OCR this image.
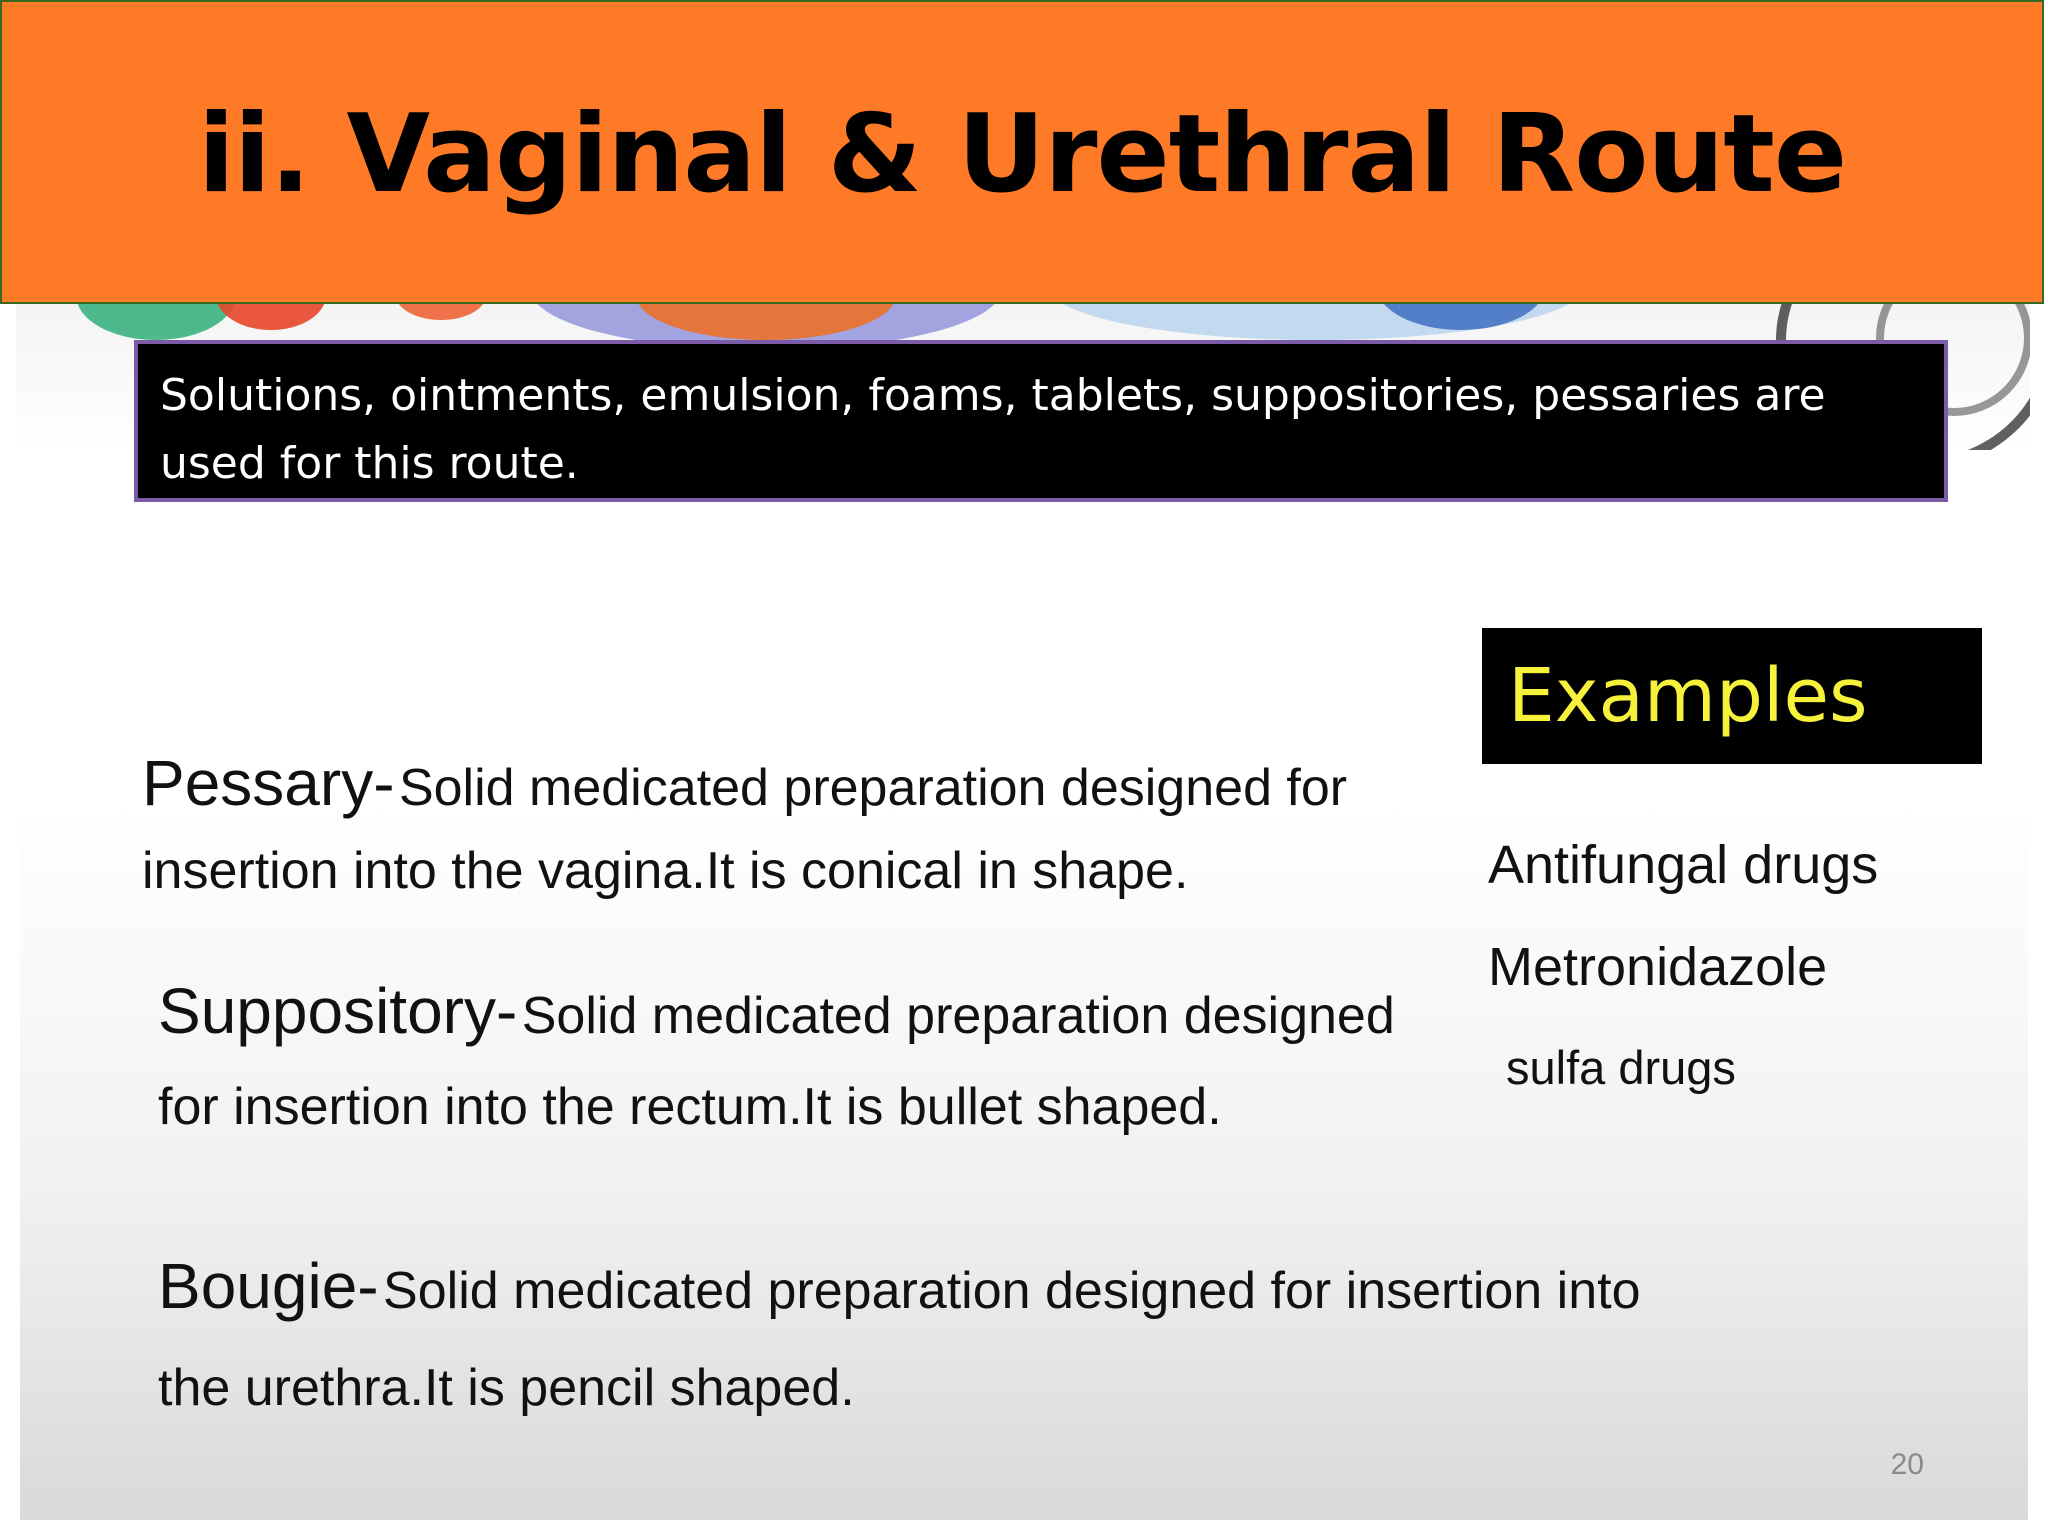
ii. Vaginal & Urethral Route
Solutions, ointments, emulsion, foams, tablets, suppositories, pessaries are used for this route.
Pessary- Solid medicated preparation designed for insertion into the vagina.It is conical in shape.
Suppository- Solid medicated preparation designed for insertion into the rectum.It is bullet shaped.
Bougie- Solid medicated preparation designed for insertion into the urethra.It is pencil shaped.
Examples
Antifungal drugs
Metronidazole
sulfa drugs
20
